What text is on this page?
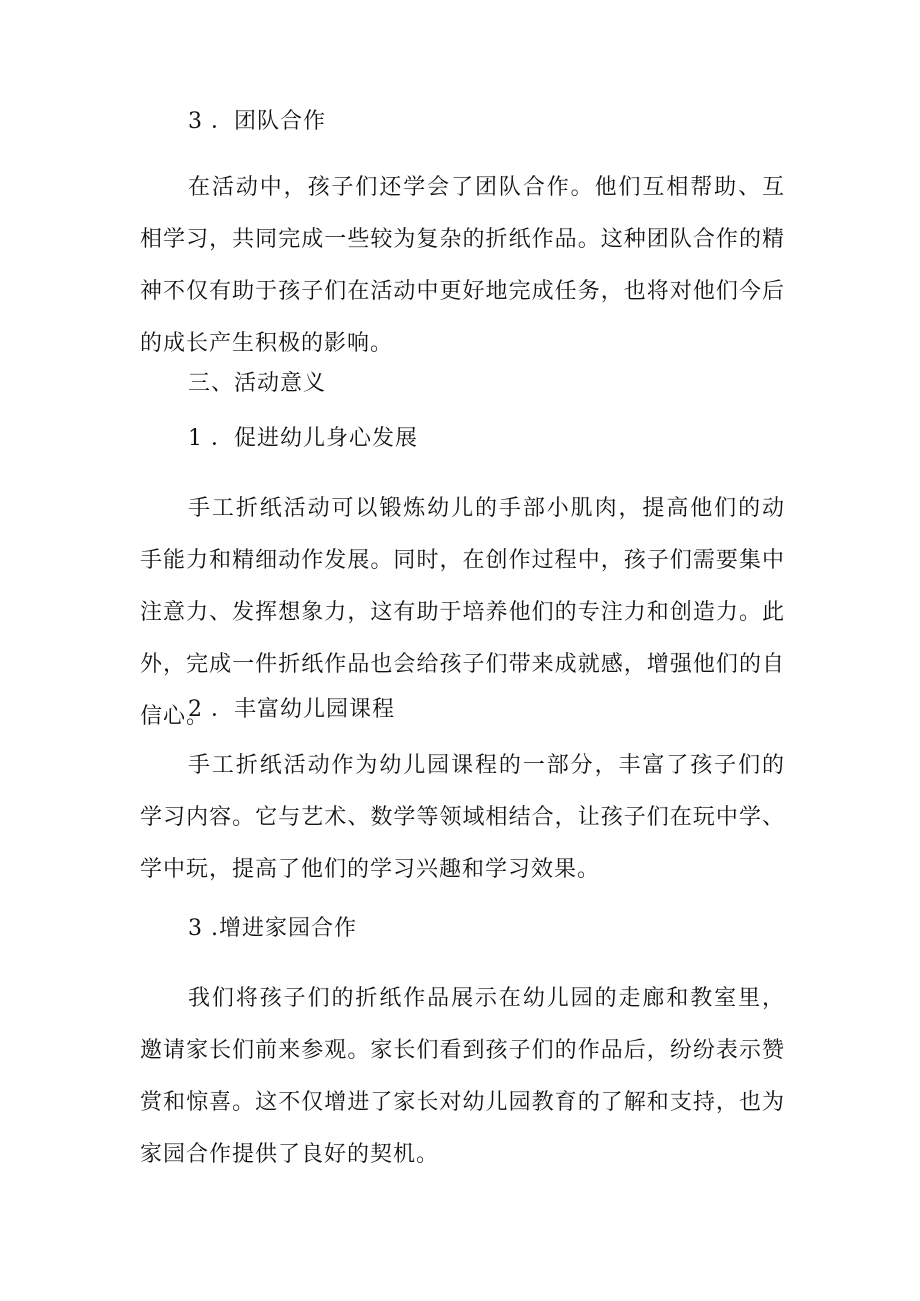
3 ．团队合作

在活动中，孩子们还学会了团队合作。他们互相帮助、互相学习，共同完成一些较为复杂的折纸作品。这种团队合作的精神不仅有助于孩子们在活动中更好地完成任务，也将对他们今后的成长产生积极的影响。

三、活动意义
1 ．促进幼儿身心发展

手工折纸活动可以锻炼幼儿的手部小肌肉，提高他们的动手能力和精细动作发展。同时，在创作过程中，孩子们需要集中注意力、发挥想象力，这有助于培养他们的专注力和创造力。此外，完成一件折纸作品也会给孩子们带来成就感，增强他们的自信心。

2 ．丰富幼儿园课程

手工折纸活动作为幼儿园课程的一部分，丰富了孩子们的学习内容。它与艺术、数学等领域相结合，让孩子们在玩中学、学中玩，提高了他们的学习兴趣和学习效果。

3 .增进家园合作

我们将孩子们的折纸作品展示在幼儿园的走廊和教室里，邀请家长们前来参观。家长们看到孩子们的作品后，纷纷表示赞赏和惊喜。这不仅增进了家长对幼儿园教育的了解和支持，也为家园合作提供了良好的契机。
